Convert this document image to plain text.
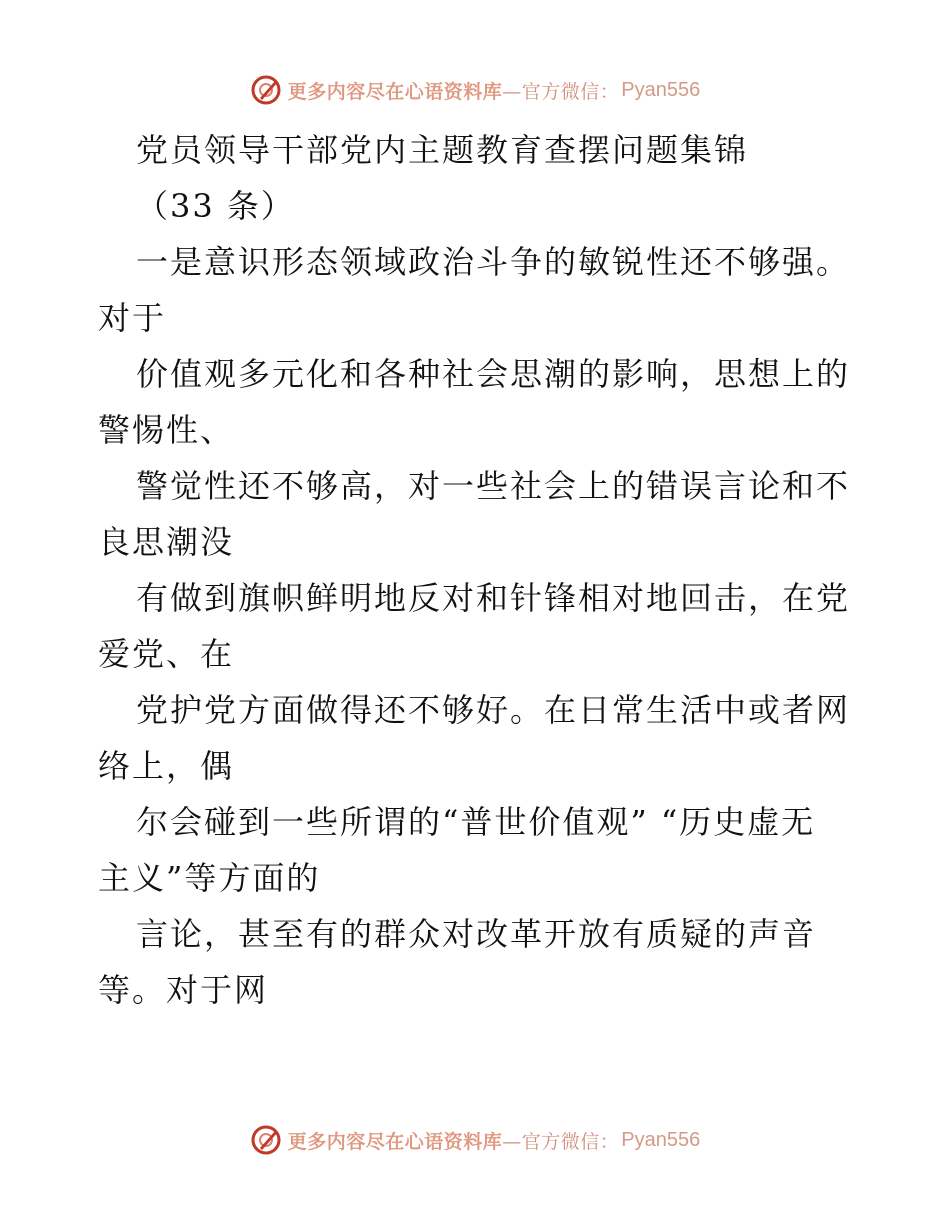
更多内容尽在心语资料库 —官方微信： Pyan556
党员领导干部党内主题教育查摆问题集锦
（33 条）
一是意识形态领域政治斗争的敏锐性还不够强。
对于
价值观多元化和各种社会思潮的影响，思想上的
警惕性、
警觉性还不够高，对一些社会上的错误言论和不
良思潮没
有做到旗帜鲜明地反对和针锋相对地回击，在党
爱党、在
党护党方面做得还不够好。在日常生活中或者网
络上，偶
尔会碰到一些所谓的“普世价值观” “历史虚无
主义”等方面的
言论，甚至有的群众对改革开放有质疑的声音
等。对于网
更多内容尽在心语资料库 —官方微信： Pyan556
